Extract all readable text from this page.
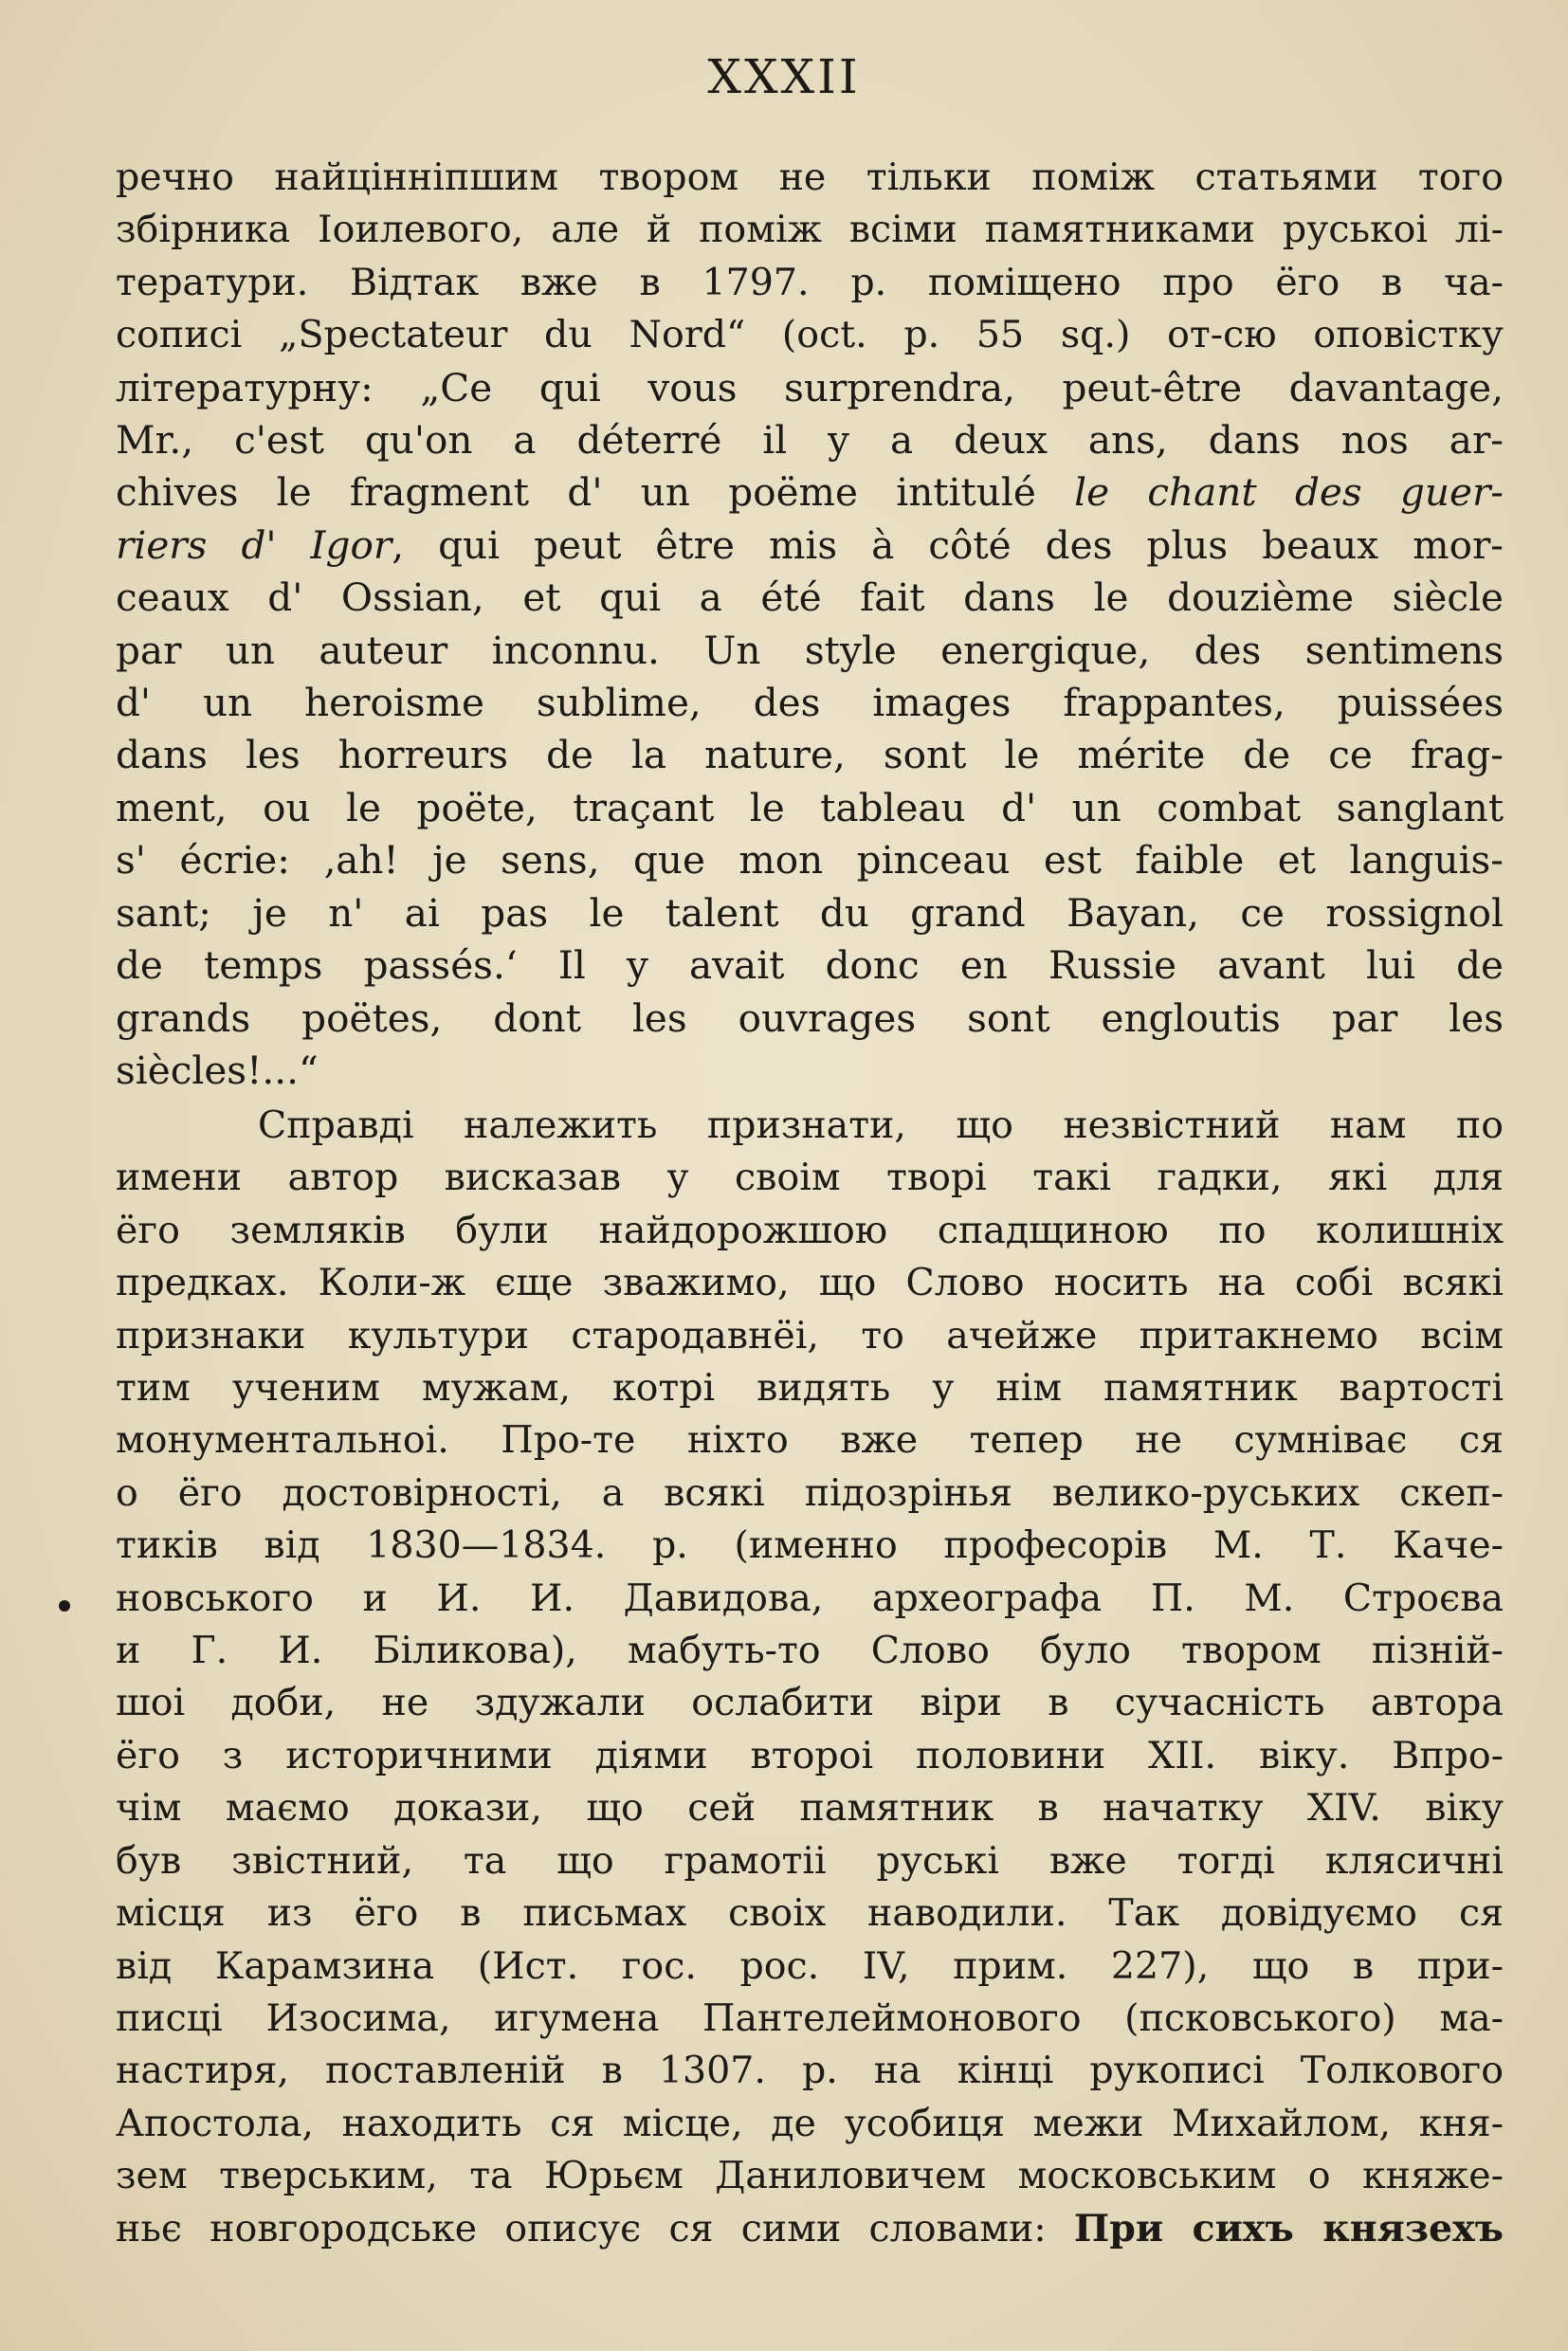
XXXII
речно найцінніпшим твором не тільки поміж статьями того
збірника Іоилевого, але й поміж всіми памятниками руськоі лі-
тератури. Відтак вже в 1797. р. поміщено про ёго в ча-
сописі „Spectateur du Nord“ (oct. p. 55 sq.) от-сю оповістку
літературну: „Ce qui vous surprendra, peut-être davantage,
Mr., c'est qu'on a déterré il y a deux ans, dans nos ar-
chives le fragment d' un poëme intitulé le chant des guer-
riers d' Igor, qui peut être mis à côté des plus beaux mor-
ceaux d' Ossian, et qui a été fait dans le douzième siècle
par un auteur inconnu. Un style energique, des sentimens
d' un heroisme sublime, des images frappantes, puissées
dans les horreurs de la nature, sont le mérite de ce frag-
ment, ou le poëte, traçant le tableau d' un combat sanglant
s' écrie: ‚ah! je sens, que mon pinceau est faible et languis-
sant; je n' ai pas le talent du grand Bayan, ce rossignol
de temps passés.‘ Il y avait donc en Russie avant lui de
grands poëtes, dont les ouvrages sont engloutis par les
siècles!...“
Справді належить признати, що незвістний нам по
имени автор висказав у своім творі такі гадки, які для
ёго земляків були найдорожшою спадщиною по колишніх
предках. Коли-ж єще зважимо, що Слово носить на собі всякі
признаки культури стародавнёі, то ачейже притакнемо всім
тим ученим мужам, котрі видять у нім памятник вартості
монументальноі. Про-те ніхто вже тепер не сумніває ся
о ёго достовірності, а всякі підозрінья велико-руських скеп-
тиків від 1830—1834. р. (именно професорів М. Т. Каче-
новського и И. И. Давидова, археографа П. М. Строєва
и Г. И. Біликова), мабуть-то Слово було твором пізній-
шоі доби, не здужали ослабити віри в сучасність автора
ёго з историчними діями второі половини XII. віку. Впро-
чім маємо докази, що сей памятник в начатку XIV. віку
був звістний, та що грамотіі руські вже тогді клясичні
місця из ёго в письмах своіх наводили. Так довідуємо ся
від Карамзина (Ист. гос. рос. IV, прим. 227), що в при-
писці Изосима, игумена Пантелеймонового (псковського) ма-
настиря, поставленій в 1307. р. на кінці рукописі Толкового
Апостола, находить ся місце, де усобиця межи Михайлом, кня-
зем тверським, та Юрьєм Даниловичем московським о княже-
ньє новгородське описує ся сими словами: При сихъ князехъ
